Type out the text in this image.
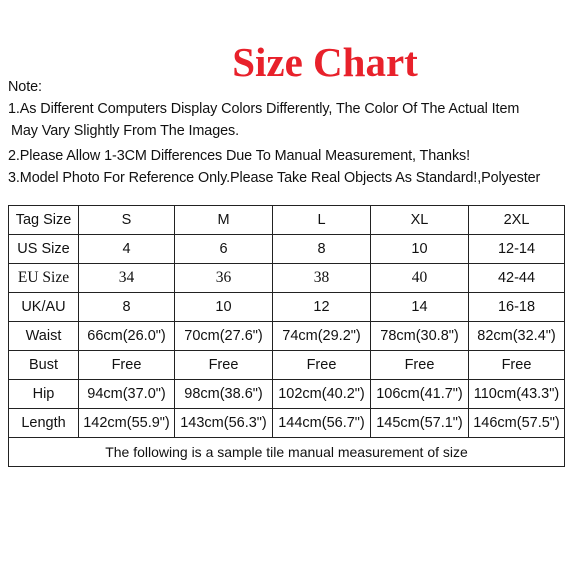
Size Chart
Note:
1.As Different Computers Display Colors Differently, The Color Of The Actual Item
May Vary Slightly From The Images.
2.Please Allow 1-3CM Differences Due To Manual Measurement, Thanks!
3.Model Photo For Reference Only.Please Take Real Objects As Standard!,Polyester
Tag Size	S	M	L	XL	2XL
US Size	4	6	8	10	12-14
EU Size	34	36	38	40	42-44
UK/AU	8	10	12	14	16-18
Waist	66cm(26.0")	70cm(27.6")	74cm(29.2")	78cm(30.8")	82cm(32.4")
Bust	Free	Free	Free	Free	Free
Hip	94cm(37.0")	98cm(38.6")	102cm(40.2")	106cm(41.7")	110cm(43.3")
Length	142cm(55.9")	143cm(56.3")	144cm(56.7")	145cm(57.1")	146cm(57.5")
The following is a sample tile manual measurement of size					
